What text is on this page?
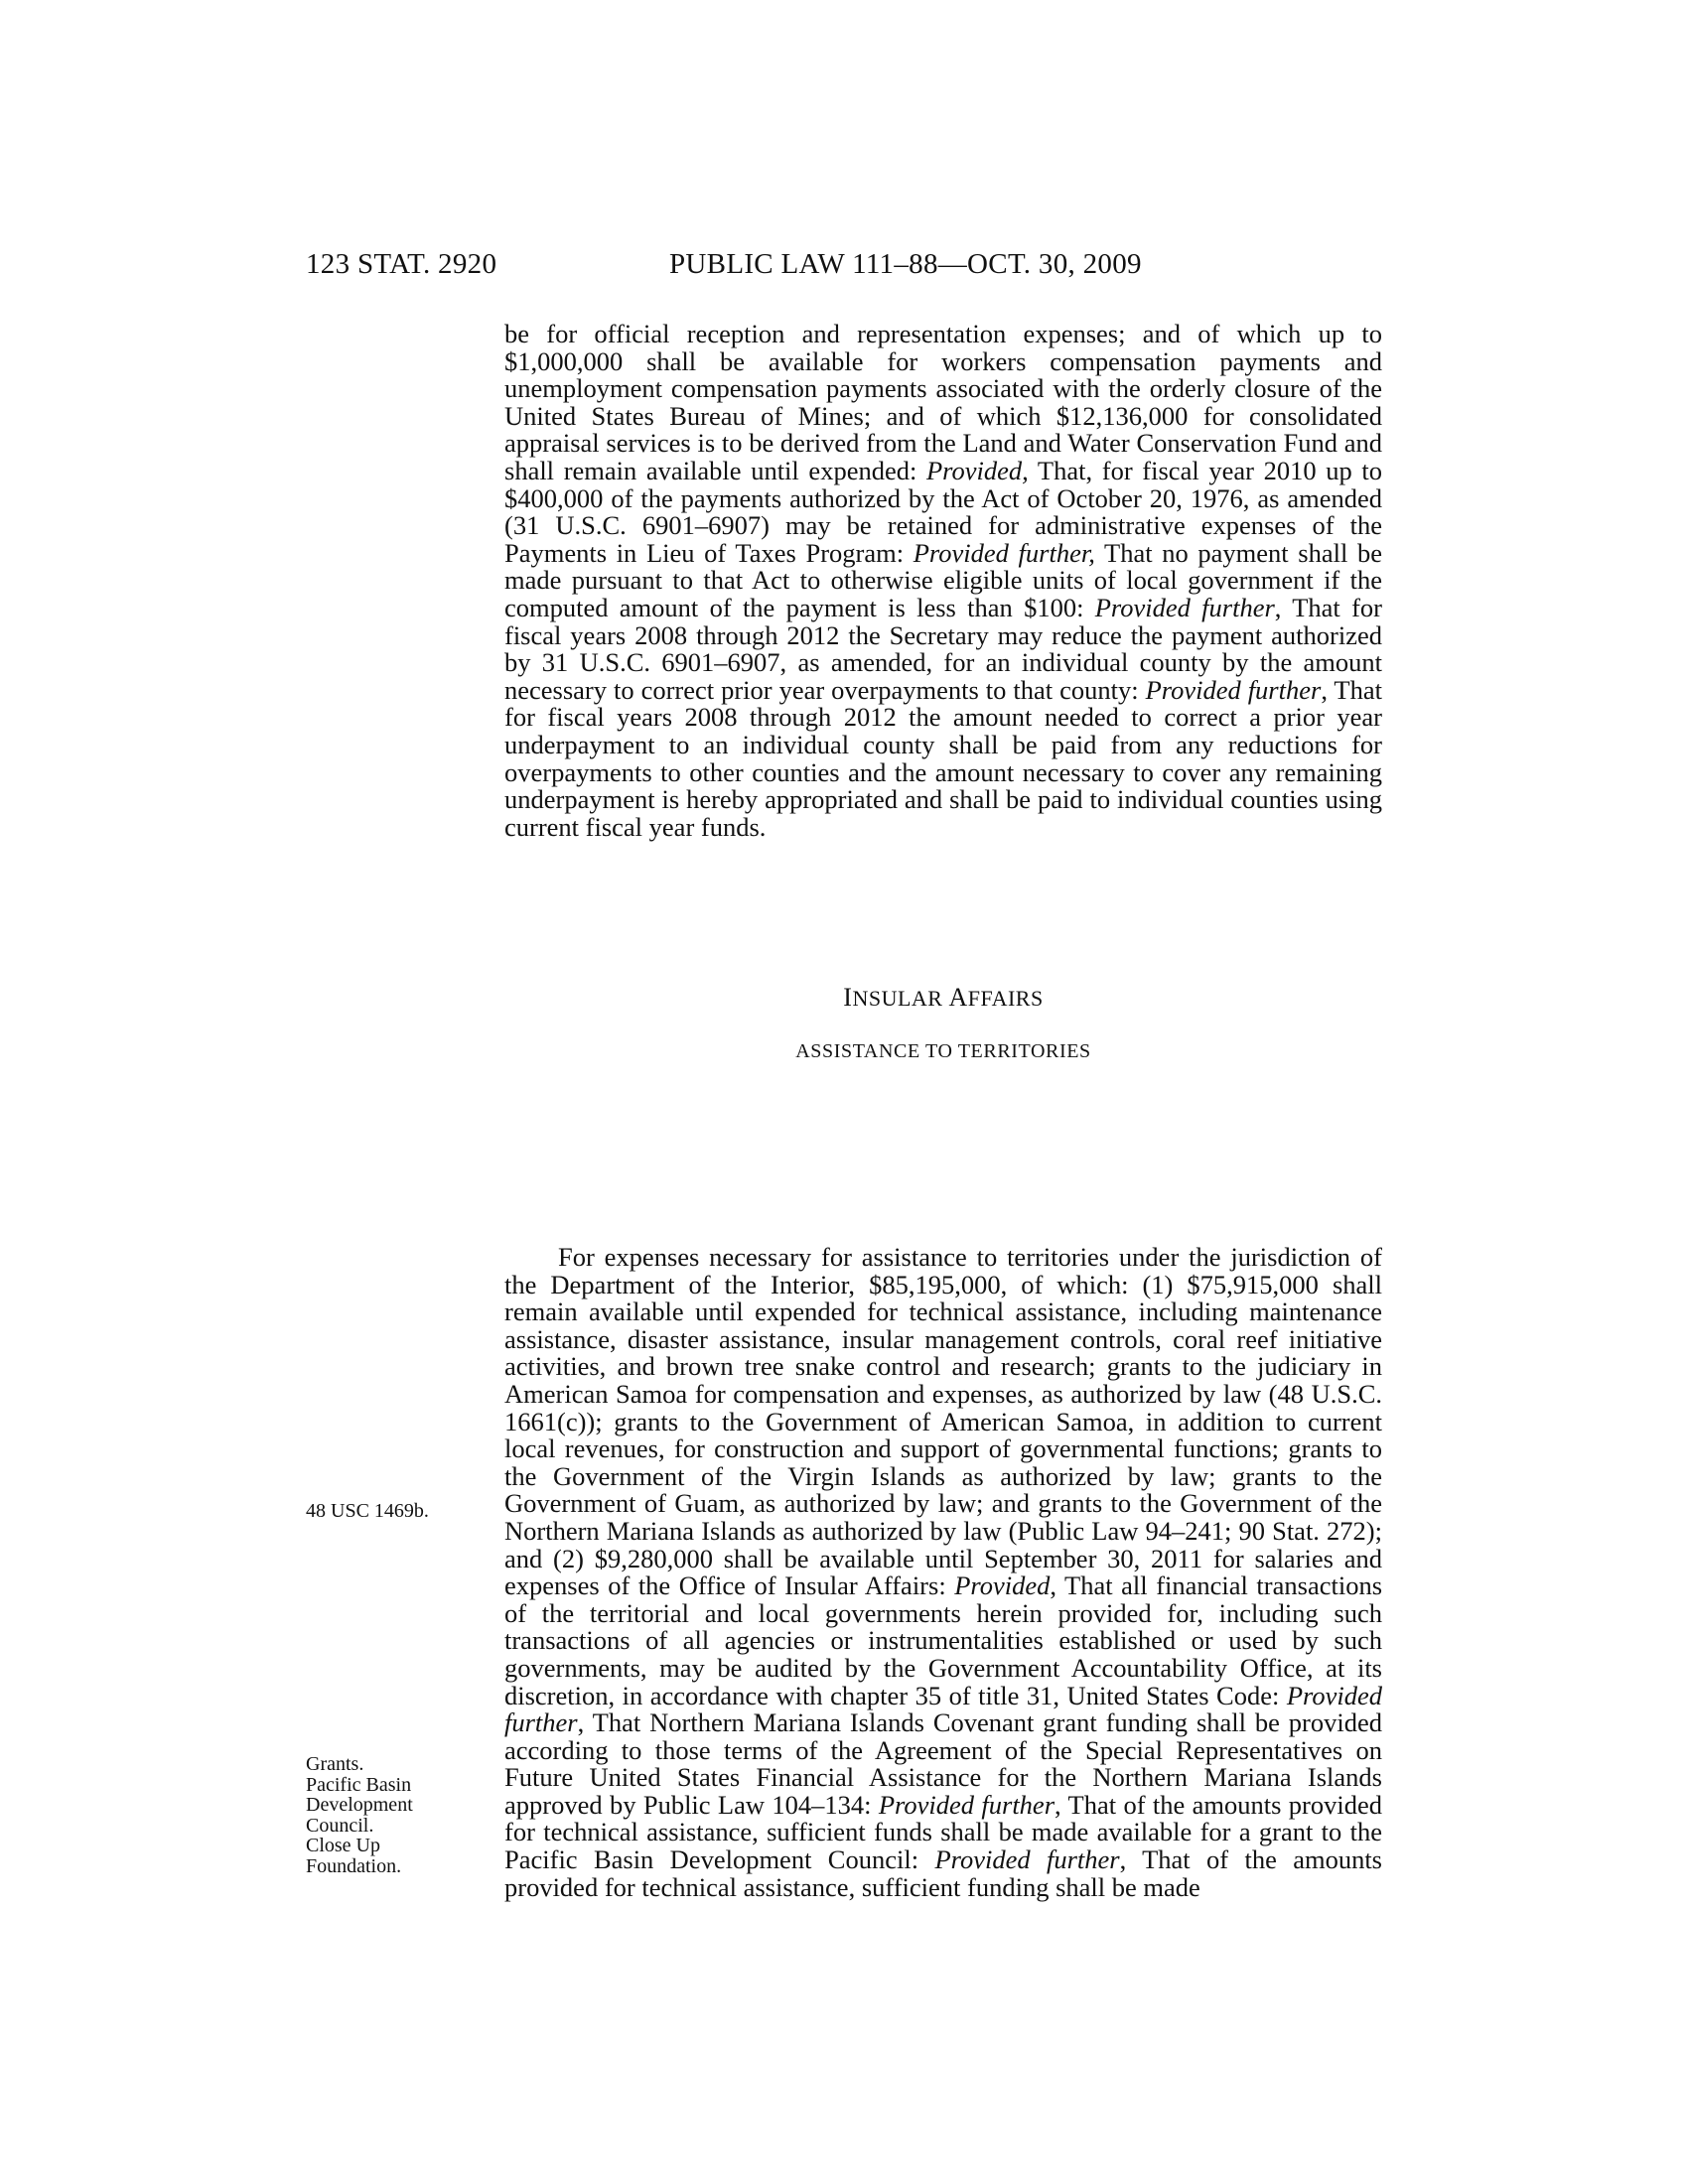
123 STAT. 2920	PUBLIC LAW 111–88—OCT. 30, 2009

be for official reception and representation expenses; and of which up to $1,000,000 shall be available for workers compensation payments and unemployment compensation payments associated with the orderly closure of the United States Bureau of Mines; and of which $12,136,000 for consolidated appraisal services is to be derived from the Land and Water Conservation Fund and shall remain available until expended: Provided, That, for fiscal year 2010 up to $400,000 of the payments authorized by the Act of October 20, 1976, as amended (31 U.S.C. 6901–6907) may be retained for administrative expenses of the Payments in Lieu of Taxes Program: Provided further, That no payment shall be made pursuant to that Act to otherwise eligible units of local government if the computed amount of the payment is less than $100: Provided further, That for fiscal years 2008 through 2012 the Secretary may reduce the payment authorized by 31 U.S.C. 6901–6907, as amended, for an individual county by the amount necessary to correct prior year overpayments to that county: Provided further, That for fiscal years 2008 through 2012 the amount needed to correct a prior year underpayment to an individual county shall be paid from any reductions for overpayments to other counties and the amount necessary to cover any remaining underpayment is hereby appropriated and shall be paid to individual counties using current fiscal year funds.

INSULAR AFFAIRS
ASSISTANCE TO TERRITORIES

For expenses necessary for assistance to territories under the jurisdiction of the Department of the Interior, $85,195,000, of which: (1) $75,915,000 shall remain available until expended for technical assistance, including maintenance assistance, disaster assistance, insular management controls, coral reef initiative activities, and brown tree snake control and research; grants to the judiciary in American Samoa for compensation and expenses, as authorized by law (48 U.S.C. 1661(c)); grants to the Government of American Samoa, in addition to current local revenues, for construction and support of governmental functions; grants to the Government of the Virgin Islands as authorized by law; grants to the Government of Guam, as authorized by law; and grants to the Government of the Northern Mariana Islands as authorized by law (Public Law 94–241; 90 Stat. 272); and (2) $9,280,000 shall be available until September 30, 2011 for salaries and expenses of the Office of Insular Affairs: Provided, That all financial transactions of the territorial and local governments herein provided for, including such transactions of all agencies or instrumentalities established or used by such governments, may be audited by the Government Accountability Office, at its discretion, in accordance with chapter 35 of title 31, United States Code: Provided further, That Northern Mariana Islands Covenant grant funding shall be provided according to those terms of the Agreement of the Special Representatives on Future United States Financial Assistance for the Northern Mariana Islands approved by Public Law 104–134: Provided further, That of the amounts provided for technical assistance, sufficient funds shall be made available for a grant to the Pacific Basin Development Council: Provided further, That of the amounts provided for technical assistance, sufficient funding shall be made

48 USC 1469b.
Grants.
Pacific Basin
Development
Council.
Close Up
Foundation.
